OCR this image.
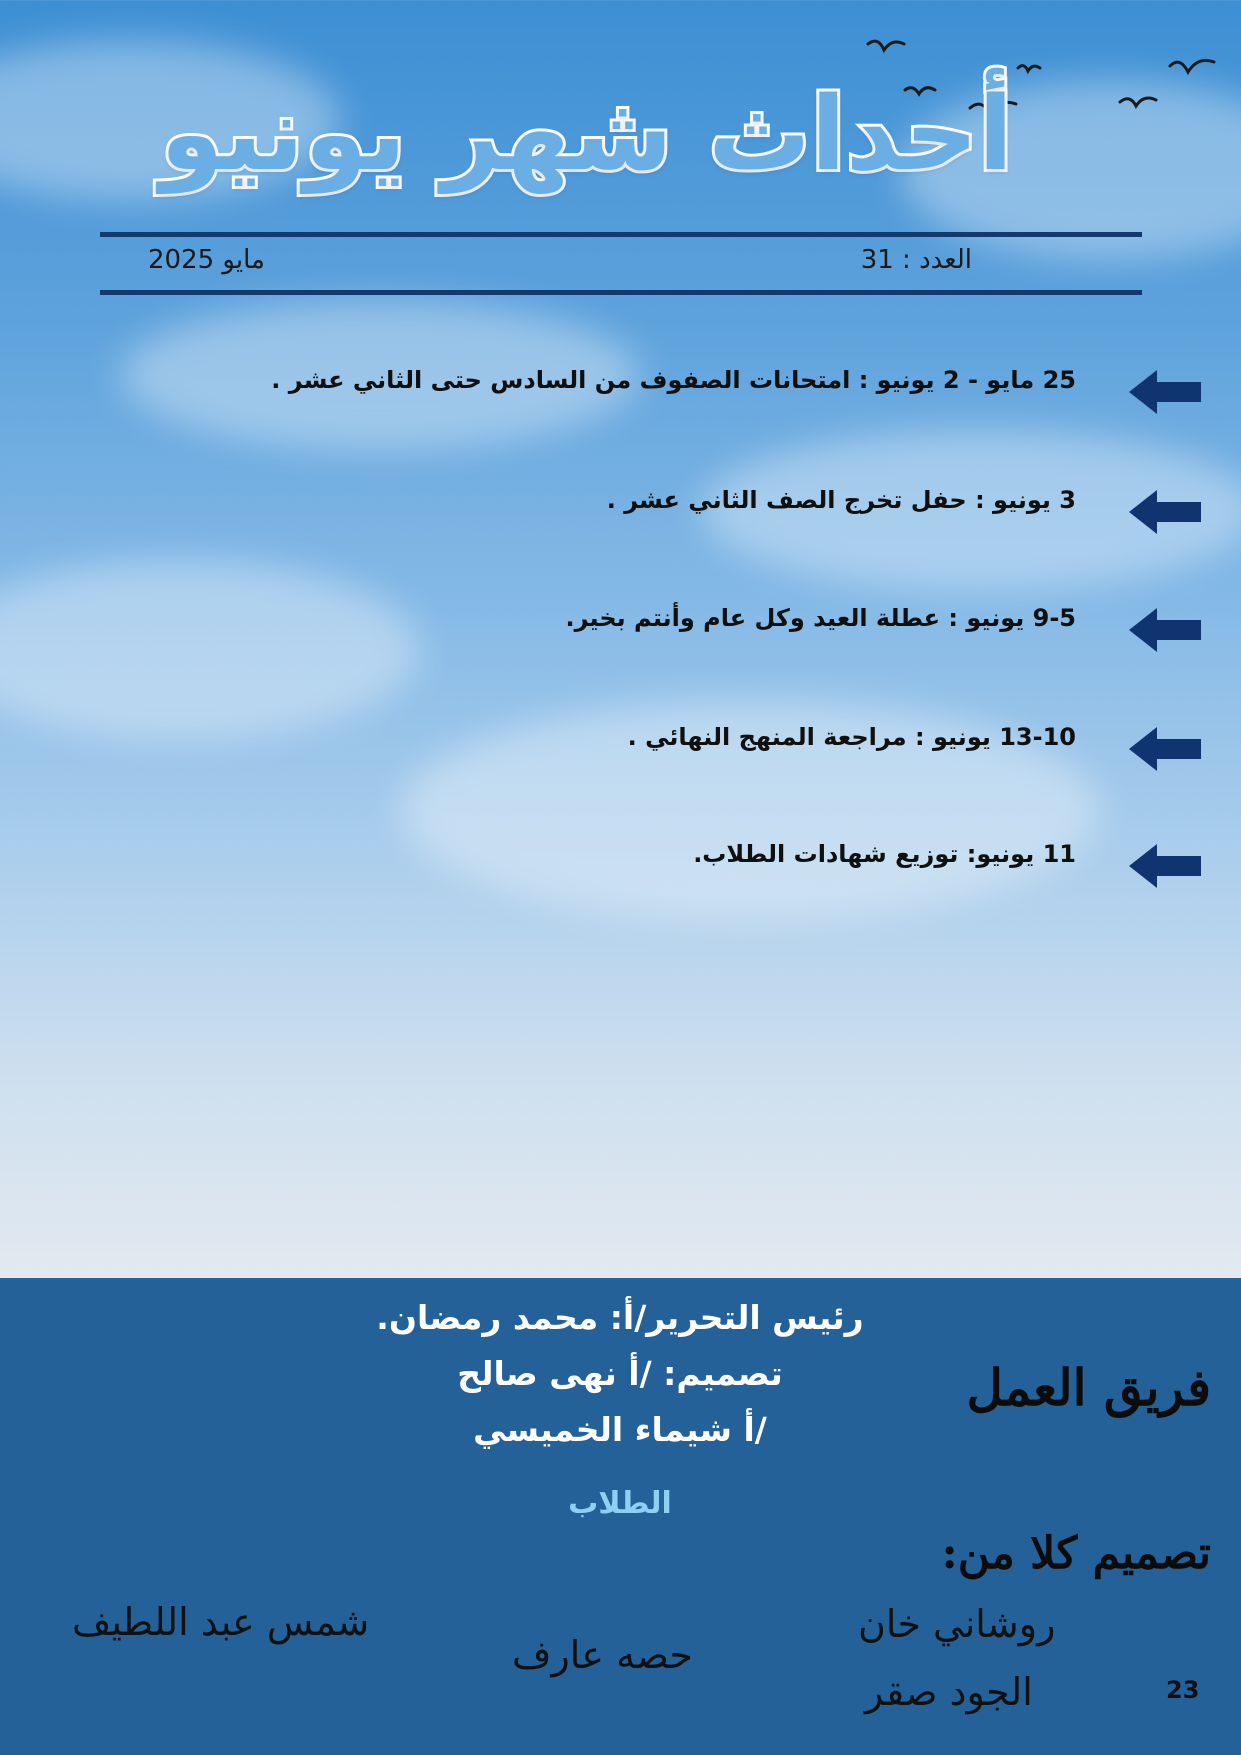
أحداث شهر يونيو
العدد : 31
مايو 2025
25 مايو - 2 يونيو : امتحانات الصفوف من السادس حتى الثاني عشر .
3 يونيو : حفل تخرج الصف الثاني عشر .
9-5 يونيو : عطلة العيد وكل عام وأنتم بخير.
13-10 يونيو : مراجعة المنهج النهائي .
11 يونيو: توزيع شهادات الطلاب.
فريق العمل
رئيس التحرير/أ: محمد رمضان.
تصميم: /أ نهى صالح
/أ شيماء الخميسي
الطلاب
تصميم كلا من:
شمس عبد اللطيف
حصه عارف
روشاني خان
الجود صقر	23
